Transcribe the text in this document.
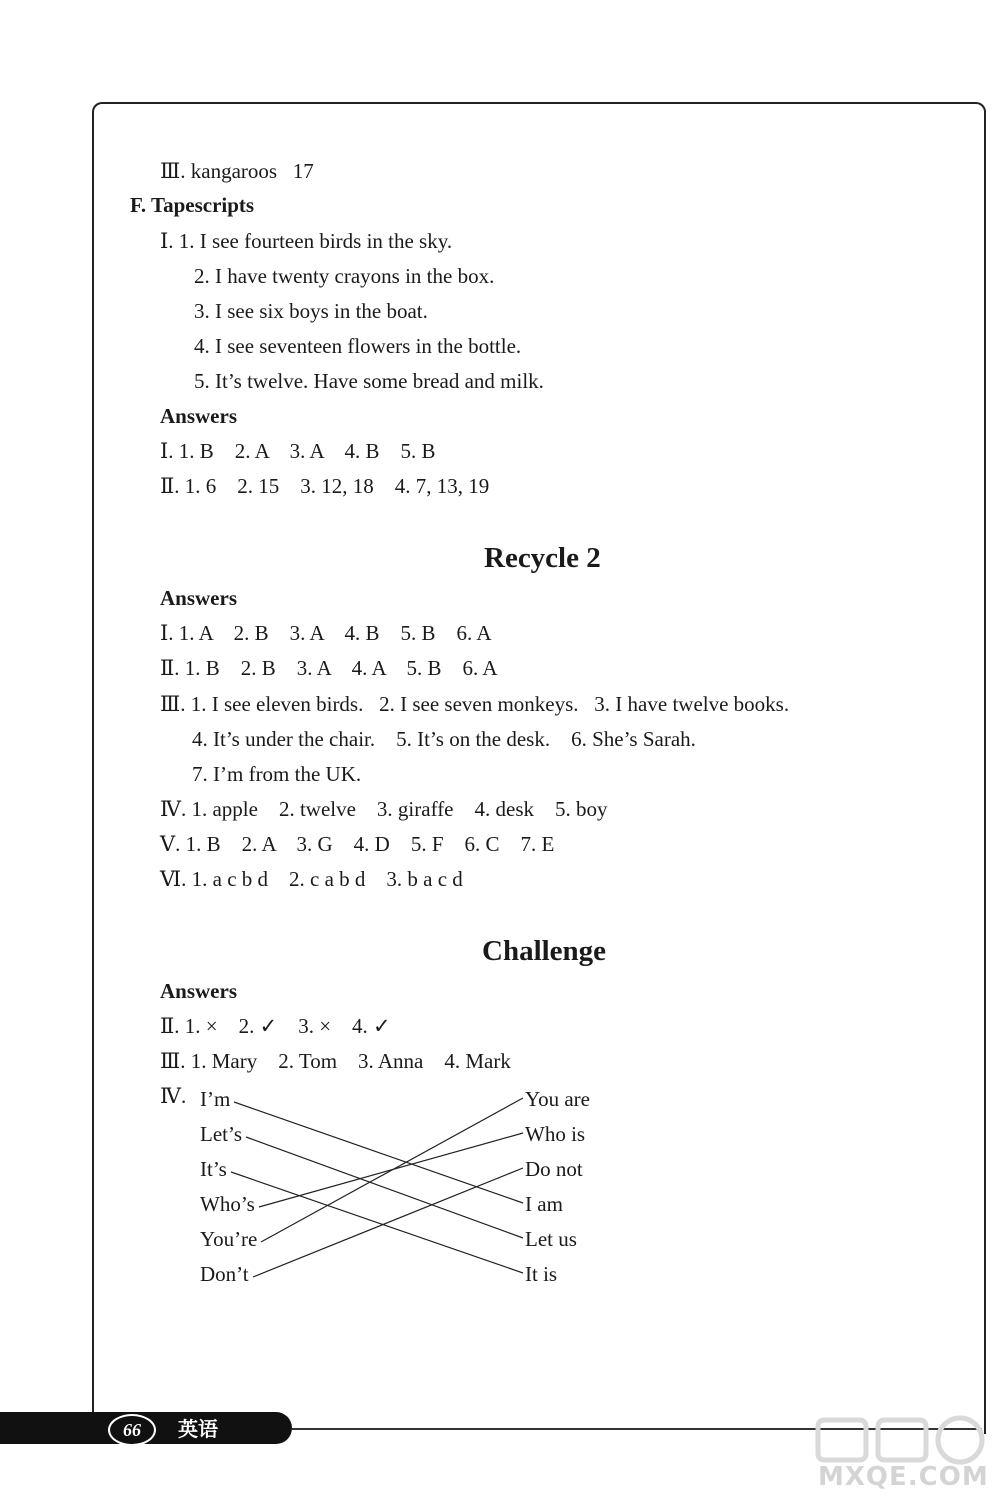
Ⅲ. kangaroos   17
F. Tapescripts
Ⅰ. 1. I see fourteen birds in the sky.
2. I have twenty crayons in the box.
3. I see six boys in the boat.
4. I see seventeen flowers in the bottle.
5. It’s twelve. Have some bread and milk.
Answers
Ⅰ. 1. B    2. A    3. A    4. B    5. B
Ⅱ. 1. 6    2. 15    3. 12, 18    4. 7, 13, 19
Answers
Ⅰ. 1. A    2. B    3. A    4. B    5. B    6. A
Ⅱ. 1. B    2. B    3. A    4. A    5. B    6. A
Ⅲ. 1. I see eleven birds.   2. I see seven monkeys.   3. I have twelve books.
4. It’s under the chair.    5. It’s on the desk.    6. She’s Sarah.
7. I’m from the UK.
Ⅳ. 1. apple    2. twelve    3. giraffe    4. desk    5. boy
Ⅴ. 1. B    2. A    3. G    4. D    5. F    6. C    7. E
Ⅵ. 1. a c b d    2. c a b d    3. b a c d
Answers
Ⅱ. 1. ×    2. ✓    3. ×    4. ✓
Ⅲ. 1. Mary    2. Tom    3. Anna    4. Mark
Ⅳ.
Recycle 2
Challenge
I’m
Let’s
It’s
Who’s
You’re
Don’t
You are
Who is
Do not
I am
Let us
It is
66	英语
MXQE.COM
